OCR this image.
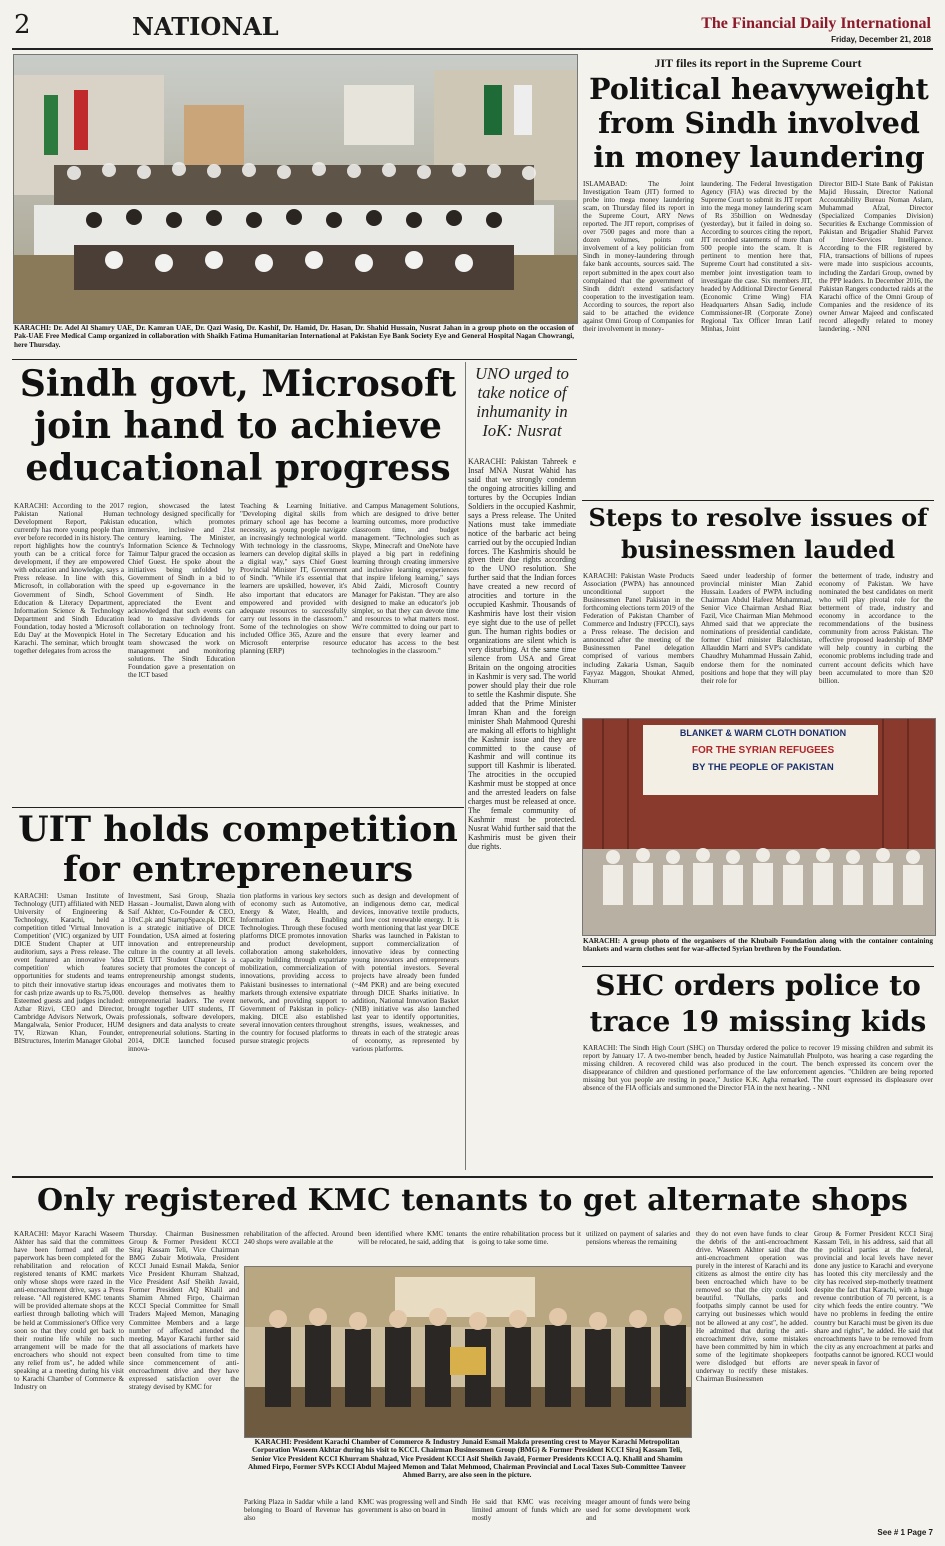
2	NATIONAL	The Financial Daily International
Friday, December 21, 2018
KARACHI: Dr. Adel Al Shamry UAE, Dr. Kamran UAE, Dr. Qazi Wasiq, Dr. Kashif, Dr. Hamid, Dr. Hasan, Dr. Shahid Hussain, Nusrat Jahan in a group photo on the occasion of Pak-UAE Free Medical Camp organized in collaboration with Shaikh Fatima Humanitarian International at Pakistan Eye Bank Society Eye and General Hospital Nagan Chowrangi, here Thursday.
JIT files its report in the Supreme Court
Political heavyweight from Sindh involved in money laundering
ISLAMABAD: The Joint Investigation Team (JIT) formed to probe into mega money laundering scam, on Thursday filed its report in the Supreme Court, ARY News reported. The JIT report, comprises of over 7500 pages and more than a dozen volumes, points out involvement of a key politician from Sindh in money-laundering through fake bank accounts, sources said. The report submitted in the apex court also complained that the government of Sindh didn't extend satisfactory cooperation to the investigation team. According to sources, the report also said to be attached the evidence against Omni Group of Companies for their involvement in money-
laundering. The Federal Investigation Agency (FIA) was directed by the Supreme Court to submit its JIT report into the mega money laundering scam of Rs 35billion on Wednesday (yesterday), but it failed in doing so. According to sources citing the report, JIT recorded statements of more than 500 people into the scam. It is pertinent to mention here that, Supreme Court had constituted a six-member joint investigation team to investigate the case. Six members JIT, headed by Additional Director General (Economic Crime Wing) FIA Headquarters Ahsan Sadiq, include Commissioner-IR (Corporate Zone) Regional Tax Officer Imran Latif Minhas, Joint
Director BID-I State Bank of Pakistan Majid Hussain, Director National Accountability Bureau Noman Aslam, Muhammad Afzal, Director (Specialized Companies Division) Securities & Exchange Commission of Pakistan and Brigadier Shahid Parvez of Inter-Services Intelligence. According to the FIR registered by FIA, transactions of billions of rupees were made into suspicious accounts, including the Zardari Group, owned by the PPP leaders. In December 2016, the Pakistan Rangers conducted raids at the Karachi office of the Omni Group of Companies and the residence of its owner Anwar Majeed and confiscated record allegedly related to money laundering. - NNI
Sindh govt, Microsoft join hand to achieve educational progress
KARACHI: According to the 2017 Pakistan National Human Development Report, Pakistan currently has more young people than ever before recorded in its history. The report highlights how the country's youth can be a critical force for development, if they are empowered with education and knowledge, says a Press release. In line with this, Microsoft, in collaboration with the Government of Sindh, School Education & Literacy Department, Information Science & Technology Department and Sindh Education Foundation, today hosted a 'Microsoft Edu Day' at the Movenpick Hotel in Karachi. The seminar, which brought together delegates from across the
region, showcased the latest technology designed specifically for education, which promotes immersive, inclusive and 21st century learning. The Minister, Information Science & Technology Taimur Talpur graced the occasion as Chief Guest. He spoke about the initiatives being unfolded by Government of Sindh in a bid to speed up e-governance in the Government of Sindh. He appreciated the Event and acknowledged that such events can lead to massive dividends for collaboration on technology front. The Secretary Education and his team showcased the work on management and monitoring solutions. The Sindh Education Foundation gave a presentation on the ICT based
Teaching & Learning Initiative. "Developing digital skills from primary school age has become a necessity, as young people navigate an increasingly technological world. With technology in the classrooms, learners can develop digital skills in a digital way," says Chief Guest Provincial Minister IT, Government of Sindh. "While it's essential that learners are upskilled, however, it's also important that educators are empowered and provided with adequate resources to successfully carry out lessons in the classroom." Some of the technologies on show included Office 365, Azure and the Microsoft enterprise resource planning (ERP)
and Campus Management Solutions, which are designed to drive better learning outcomes, more productive classroom time, and budget management. "Technologies such as Skype, Minecraft and OneNote have played a big part in redefining learning through creating immersive and inclusive learning experiences that inspire lifelong learning," says Abid Zaidi, Microsoft Country Manager for Pakistan. "They are also designed to make an educator's job simpler, so that they can devote time and resources to what matters most. We're committed to doing our part to ensure that every learner and educator has access to the best technologies in the classroom."
UNO urged to take notice of inhumanity in IoK: Nusrat
KARACHI: Pakistan Tahreek e Insaf MNA Nusrat Wahid has said that we strongly condemn the ongoing atrocities killing and tortures by the Occupies Indian Soldiers in the occupied Kashmir, says a Press release. The United Nations must take immediate notice of the barbaric act being carried out by the occupied Indian forces. The Kashmiris should be given their due rights according to the UNO resolution. She further said that the Indian forces have created a new record of atrocities and torture in the occupied Kashmir. Thousands of Kashmiris have lost their vision eye sight due to the use of pellet gun. The human rights bodies or organizations are silent which is very disturbing. At the same time silence from USA and Great Britain on the ongoing atrocities in Kashmir is very sad. The world power should play their due role to settle the Kashmir dispute. She added that the Prime Minister Imran Khan and the foreign minister Shah Mahmood Qureshi are making all efforts to highlight the Kashmir issue and they are committed to the cause of Kashmir and will continue its support till Kashmir is liberated. The atrocities in the occupied Kashmir must be stopped at once and the arrested leaders on false charges must be released at once. The female community of Kashmir must be protected. Nusrat Wahid further said that the Kashmiris must be given their due rights.
Steps to resolve issues of businessmen lauded
KARACHI: Pakistan Waste Products Association (PWPA) has announced unconditional support the Businessmen Panel Pakistan in the forthcoming elections term 2019 of the Federation of Pakistan Chamber of Commerce and Industry (FPCCI), says a Press release. The decision and announced after the meeting of the Businessmen Panel delegation comprised of various members including Zakaria Usman, Saquib Fayyaz Maggon, Shoukat Ahmed, Khurram
Saeed under leadership of former provincial minister Mian Zahid Hussain. Leaders of PWPA including Chairman Abdul Hafeez Muhammad, Senior Vice Chairman Arshad Riaz Fazil, Vice Chairman Mian Mehmood Ahmed said that we appreciate the nominations of presidential candidate, former Chief minister Balochistan, Allauddin Marri and SVP's candidate Chaudhry Muhammad Hussain Zahid, endorse them for the nominated positions and hope that they will play their role for
the betterment of trade, industry and economy of Pakistan. We have nominated the best candidates on merit who will play pivotal role for the betterment of trade, industry and economy in accordance to the recommendations of the business community from across Pakistan. The effective proposed leadership of BMP will help country in curbing the economic problems including trade and current account deficits which have been accumulated to more than $20 billion.
BLANKET & WARM CLOTH DONATION
FOR THE SYRIAN REFUGEES
BY THE PEOPLE OF PAKISTAN
KARACHI: A group photo of the organisers of the Khubaib Foundation along with the container containing blankets and warm clothes sent for war-affected Syrian brethren by the Foundation.
UIT holds competition for entrepreneurs
KARACHI: Usman Institute of Technology (UIT) affiliated with NED University of Engineering & Technology, Karachi, held a competition titled 'Virtual Innovation Competition' (VIC) organized by UIT DICE Student Chapter at UIT auditorium, says a Press release. The event featured an innovative 'idea competition' which features opportunities for students and teams to pitch their innovative startup ideas for cash prize awards up to Rs.75,000. Esteemed guests and judges included: Azhar Rizvi, CEO and Director, Cambridge Advisors Network, Owais Mangalwala, Senior Producer, HUM TV, Rizwan Khan, Founder, BIStructures, Interim Manager Global
Investment, Sasi Group, Shazia Hassan - Journalist, Dawn along with Saif Akhter, Co-Founder & CEO, 10xC.pk and StartupSpace.pk. DICE is a strategic initiative of DICE Foundation, USA aimed at fostering innovation and entrepreneurship culture in the country at all levels. DICE UIT Student Chapter is a society that promotes the concept of entrepreneurship amongst students, encourages and motivates them to develop themselves as healthy entrepreneurial leaders. The event brought together UIT students, IT professionals, software developers, designers and data analysts to create entrepreneurial solutions. Starting in 2014, DICE launched focused innova-
tion platforms in various key sectors of economy such as Automotive, Energy & Water, Health, and Information & Enabling Technologies. Through these focused platforms DICE promotes innovation and product development, collaboration among stakeholders, capacity building through expatriate mobilization, commercialization of innovations, providing access to Pakistani businesses to international markets through extensive expatriate network, and providing support to Government of Pakistan in policy-making. DICE also established several innovation centers throughout the country for focused platforms to pursue strategic projects
such as design and development of an indigenous demo car, medical devices, innovative textile products, and low cost renewable energy. It is worth mentioning that last year DICE Sharks was launched in Pakistan to support commercialization of innovative ideas by connecting young innovators and entrepreneurs with potential investors. Several projects have already been funded (~4M PKR) and are being executed through DICE Sharks initiative. In addition, National Innovation Basket (NIB) initiative was also launched last year to identify opportunities, strengths, issues, weaknesses, and threats in each of the strategic areas of economy, as represented by various platforms.
SHC orders police to trace 19 missing kids
KARACHI: The Sindh High Court (SHC) on Thursday ordered the police to recover 19 missing children and submit its report by January 17. A two-member bench, headed by Justice Naimatullah Phulpoto, was hearing a case regarding the missing children. A recovered child was also produced in the court. The bench expressed its concern over the disappearance of children and questioned performance of the law enforcement agencies. "Children are being reported missing but you people are resting in peace," Justice K.K. Agha remarked. The court expressed its displeasure over absence of the FIA officials and summoned the Director FIA in the next hearing. - NNI
Only registered KMC tenants to get alternate shops
KARACHI: Mayor Karachi Waseem Akhter has said that the committees have been formed and all the paperwork has been completed for the rehabilitation and relocation of registered tenants of KMC markets only whose shops were razed in the anti-encroachment drive, says a Press release. "All registered KMC tenants will be provided alternate shops at the earliest through balloting which will be held at Commissioner's Office very soon so that they could get back to their routine life while no such arrangement will be made for the encroachers who should not expect any relief from us", he added while speaking at a meeting during his visit to Karachi Chamber of Commerce & Industry on
Thursday. Chairman Businessmen Group & Former President KCCI Siraj Kassam Teli, Vice Chairman BMG Zubair Motiwala, President KCCI Junaid Esmail Makda, Senior Vice President Khurram Shahzad, Vice President Asif Sheikh Javaid, Former President AQ Khalil and Shamim Ahmed Firpo, Chairman KCCI Special Committee for Small Traders Majeed Memon, Managing Committee Members and a large number of affected attended the meeting. Mayor Karachi further said that all associations of markets have been consulted from time to time since commencement of anti-encroachment drive and they have expressed satisfaction over the strategy devised by KMC for
rehabilitation of the affected. Around 240 shops were available at the
been identified where KMC tenants will be relocated, he said, adding that
the entire rehabilitation process but it is going to take some time.
utilized on payment of salaries and pensions whereas the remaining
KARACHI: President Karachi Chamber of Commerce & Industry Junaid Esmail Makda presenting crest to Mayor Karachi Metropolitan Corporation Waseem Akhtar during his visit to KCCI. Chairman Businessmen Group (BMG) & Former President KCCI Siraj Kassam Teli, Senior Vice President KCCI Khurram Shahzad, Vice President KCCI Asif Sheikh Javaid, Former Presidents KCCI A.Q. Khalil and Shamim Ahmed Firpo, Former SVPs KCCI Abdul Majeed Memon and Talat Mehmood, Chairman Provincial and Local Taxes Sub-Committee Tanveer Ahmed Barry, are also seen in the picture.
Parking Plaza in Saddar while a land belonging to Board of Revenue has also
KMC was progressing well and Sindh government is also on board in
He said that KMC was receiving limited amount of funds which are mostly
meager amount of funds were being used for some development work and
they do not even have funds to clear the debris of the anti-encroachment drive. Waseem Akhter said that the anti-encroachment operation was purely in the interest of Karachi and its citizens as almost the entire city has been encroached which have to be removed so that the city could look beautiful. "Nullahs, parks and footpaths simply cannot be used for carrying out businesses which would not be allowed at any cost", he added. He admitted that during the anti-encroachment drive, some mistakes have been committed by him in which some of the legitimate shopkeepers were dislodged but efforts are underway to rectify these mistakes. Chairman Businessmen
Group & Former President KCCI Siraj Kassam Teli, in his address, said that all the political parties at the federal, provincial and local levels have never done any justice to Karachi and everyone has looted this city mercilessly and the city has received step-motherly treatment despite the fact that Karachi, with a huge revenue contribution of 70 percent, is a city which feeds the entire country. "We have no problems in feeding the entire country but Karachi must be given its due share and rights", he added. He said that encroachments have to be removed from the city as any encroachment at parks and footpaths cannot be ignored. KCCI would never speak in favor of
See # 1 Page 7
